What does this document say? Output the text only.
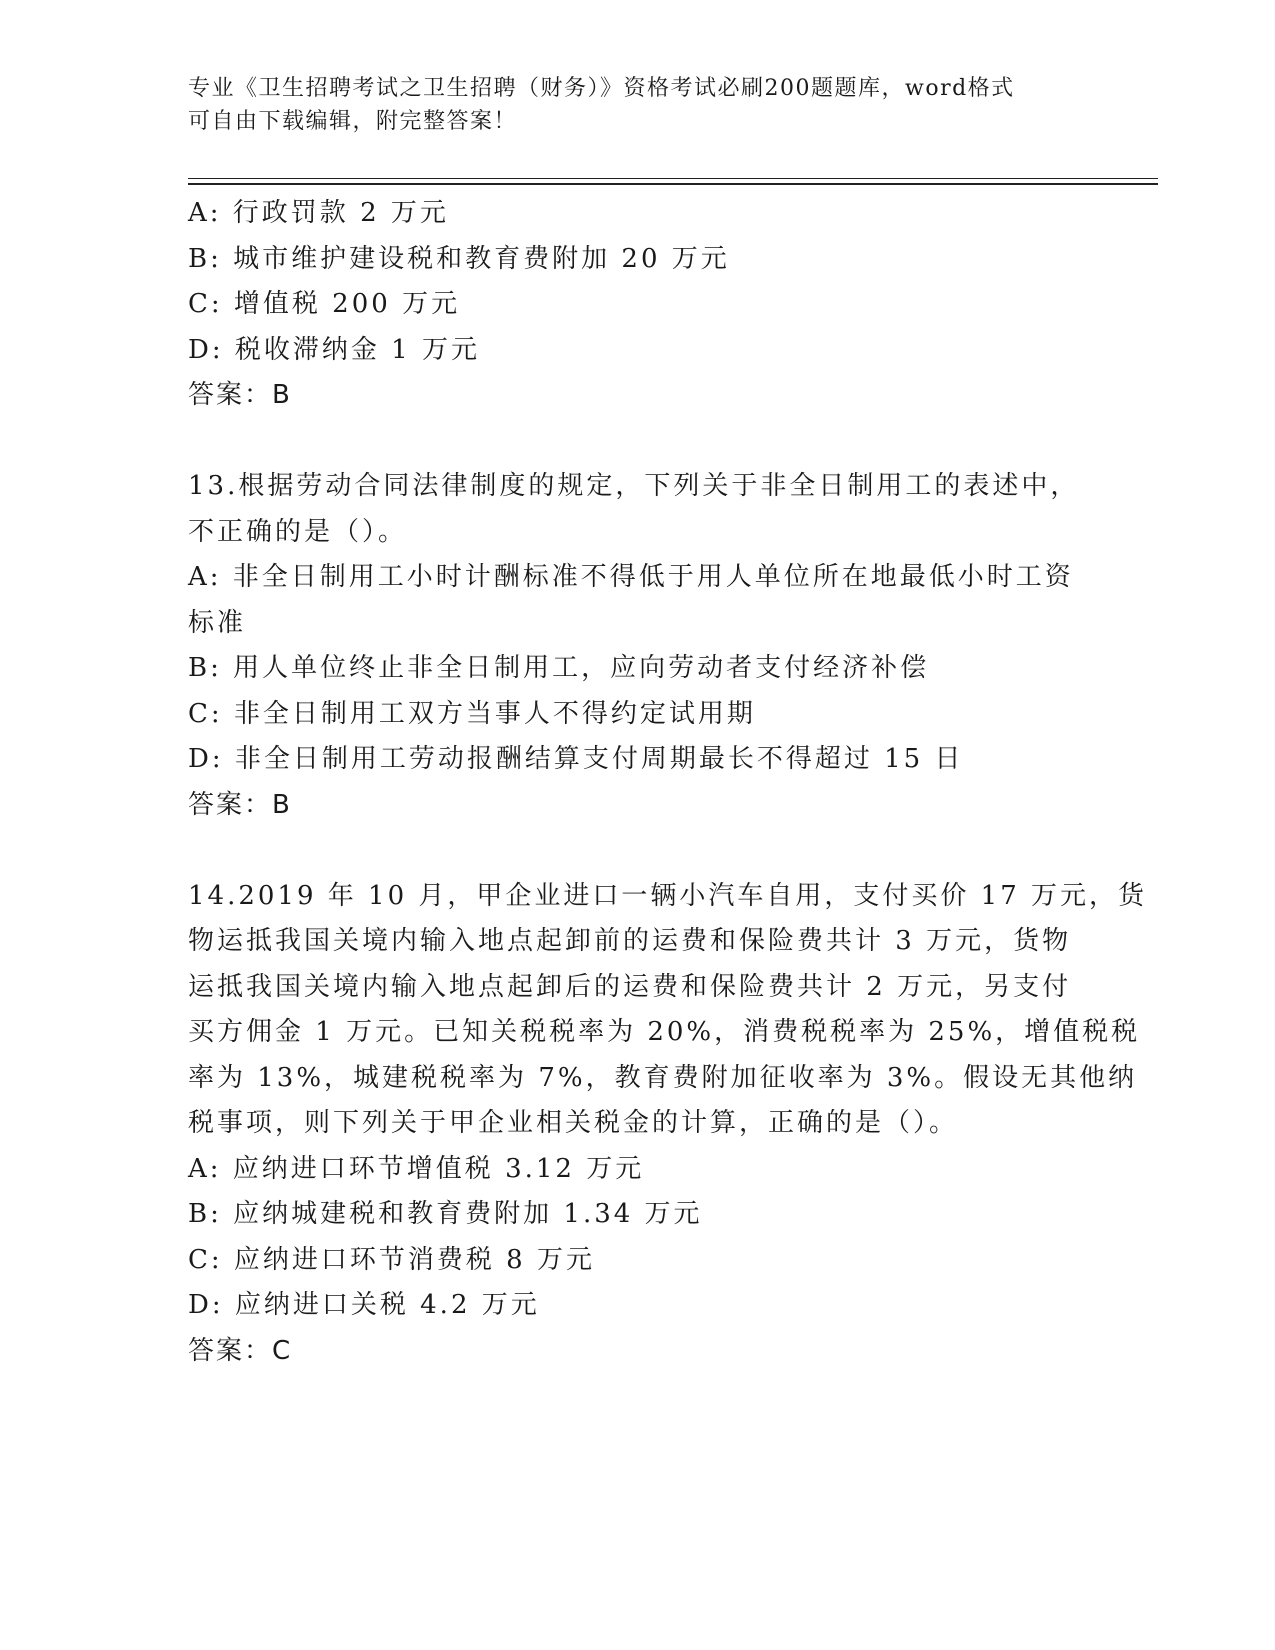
专业《卫生招聘考试之卫生招聘（财务）》资格考试必刷200题题库，word格式
可自由下载编辑，附完整答案！
A: 行政罚款 2 万元
B: 城市维护建设税和教育费附加 20 万元
C: 增值税 200 万元
D: 税收滞纳金 1 万元
答案：B
13.根据劳动合同法律制度的规定，下列关于非全日制用工的表述中，
不正确的是（）。
A: 非全日制用工小时计酬标准不得低于用人单位所在地最低小时工资
标准
B: 用人单位终止非全日制用工，应向劳动者支付经济补偿
C: 非全日制用工双方当事人不得约定试用期
D: 非全日制用工劳动报酬结算支付周期最长不得超过 15 日
答案：B
14.2019 年 10 月，甲企业进口一辆小汽车自用，支付买价 17 万元，货
物运抵我国关境内输入地点起卸前的运费和保险费共计 3 万元，货物
运抵我国关境内输入地点起卸后的运费和保险费共计 2 万元，另支付
买方佣金 1 万元。已知关税税率为 20%，消费税税率为 25%，增值税税
率为 13%，城建税税率为 7%，教育费附加征收率为 3%。假设无其他纳
税事项，则下列关于甲企业相关税金的计算，正确的是（）。
A: 应纳进口环节增值税 3.12 万元
B: 应纳城建税和教育费附加 1.34 万元
C: 应纳进口环节消费税 8 万元
D: 应纳进口关税 4.2 万元
答案：C
